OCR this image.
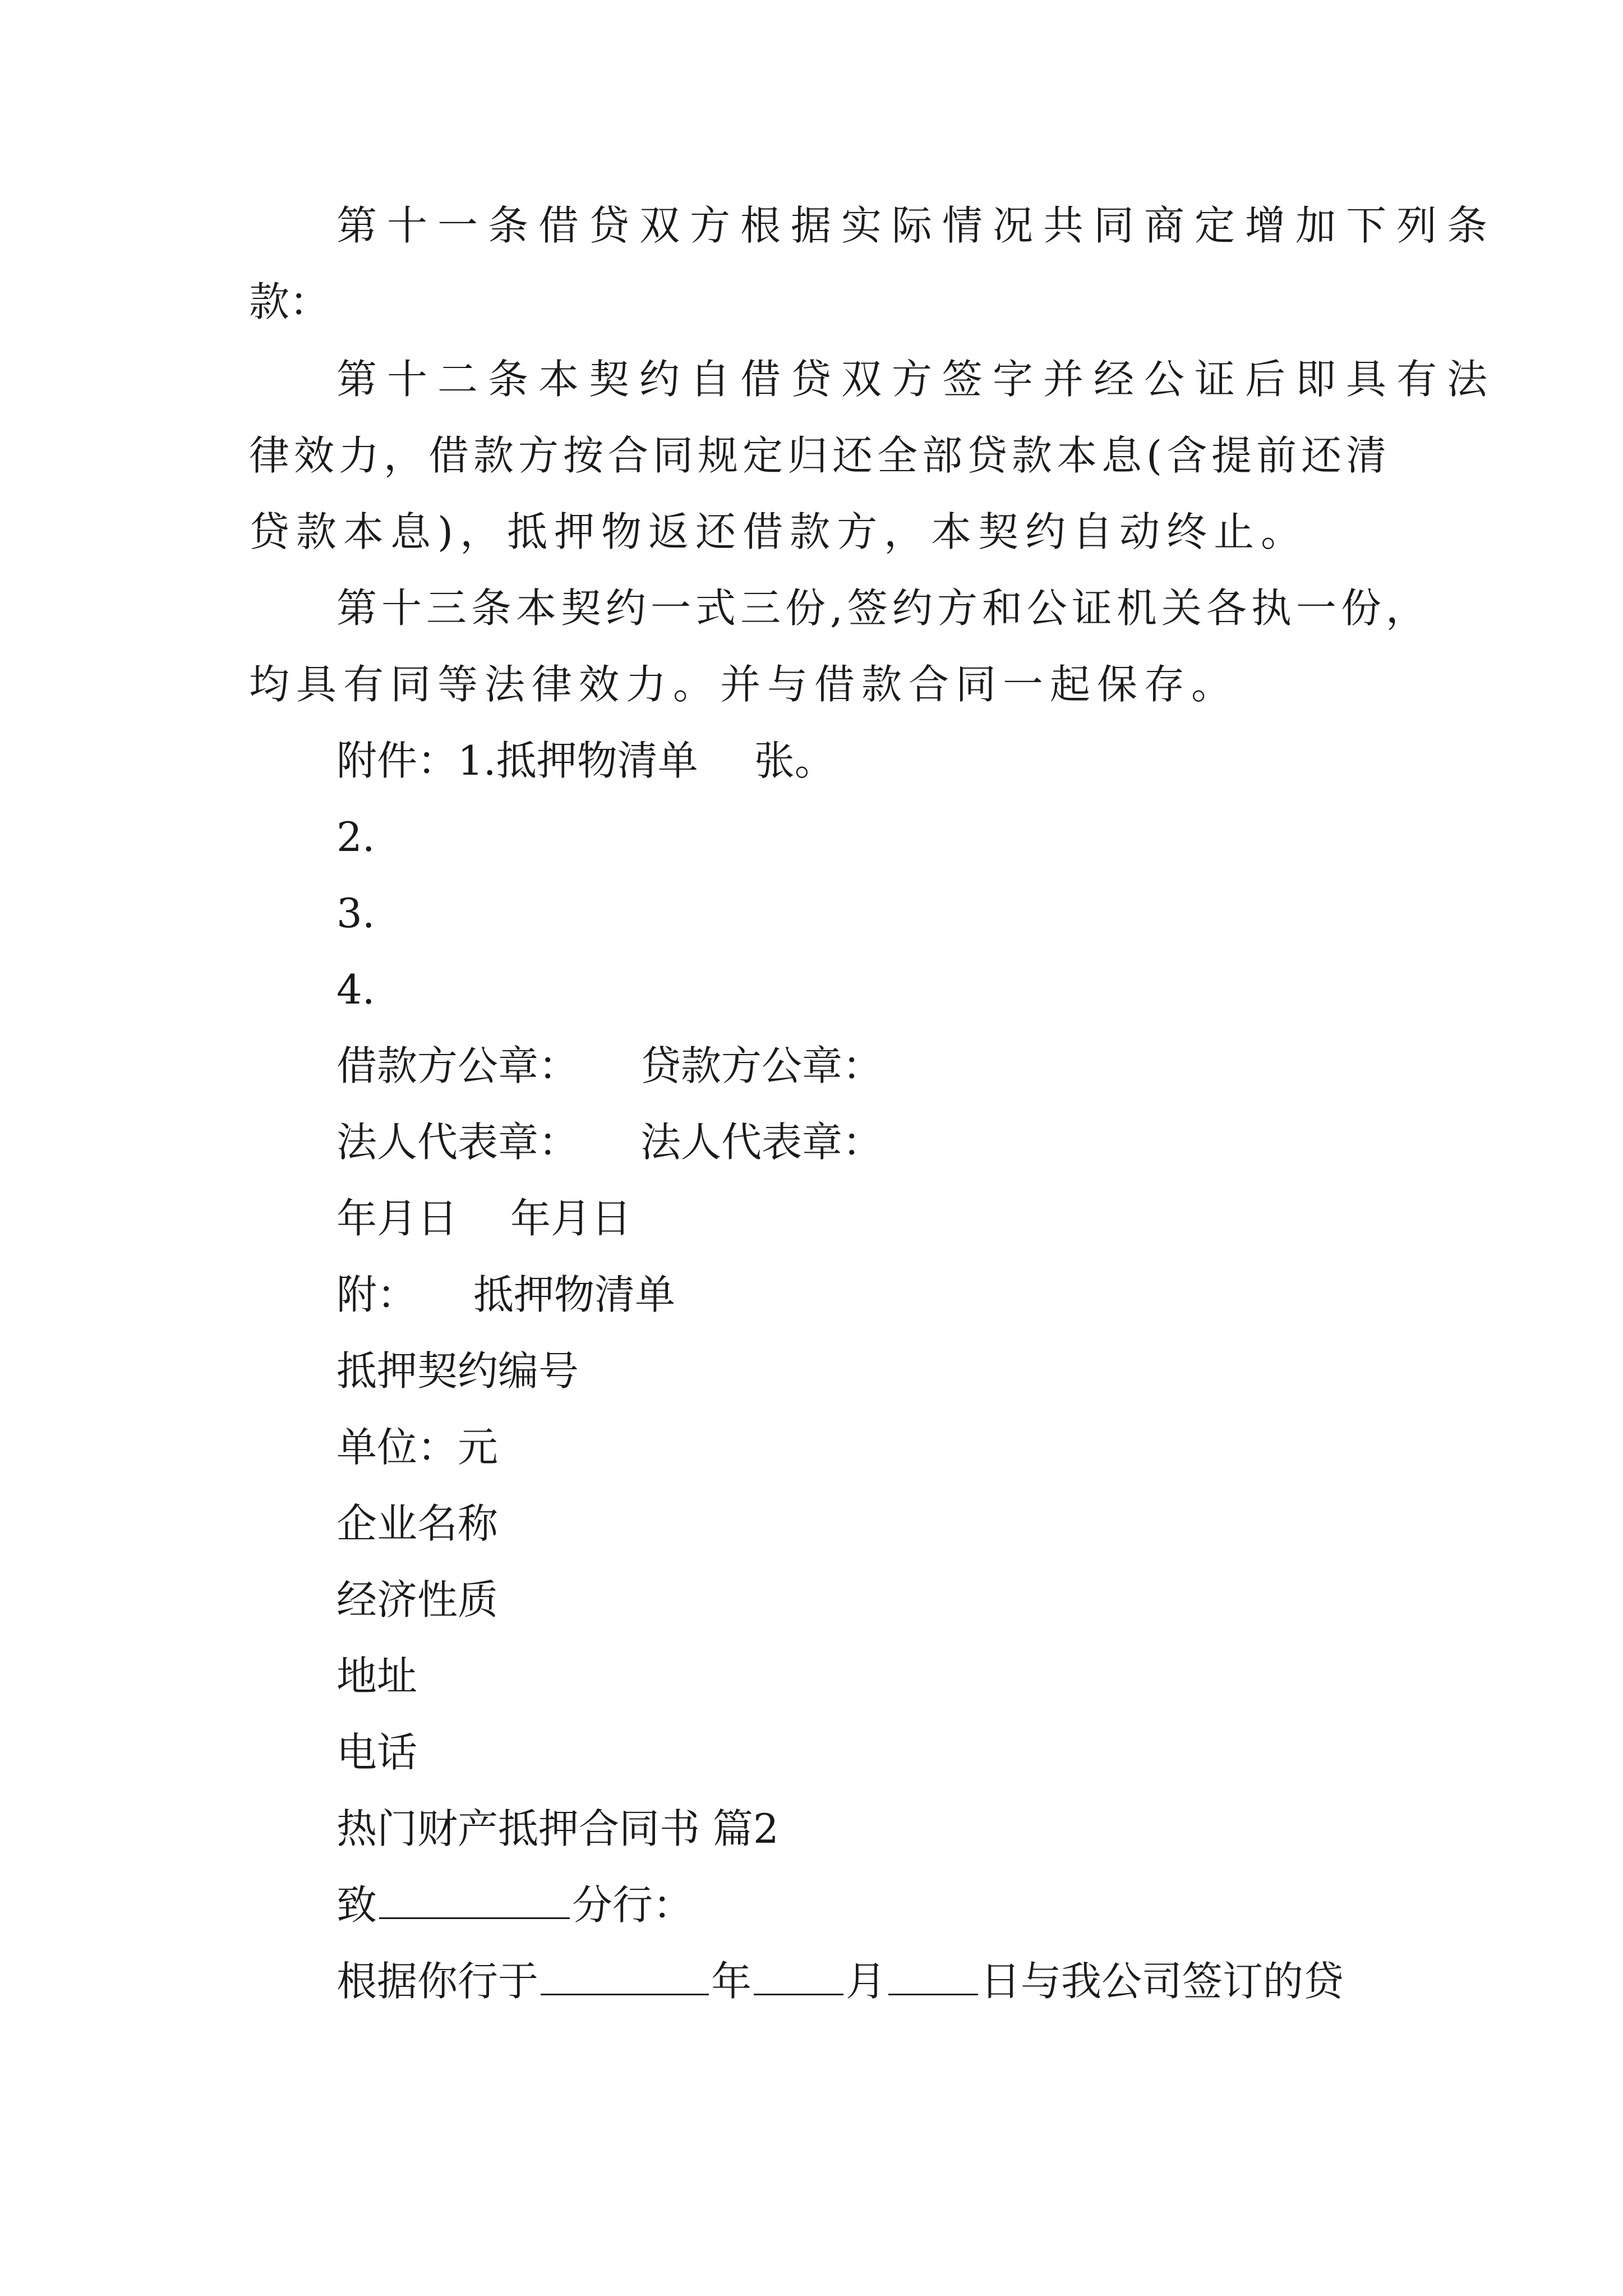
第十一条借贷双方根据实际情况共同商定增加下列条
款：
第十二条本契约自借贷双方签字并经公证后即具有法
律效力，借款方按合同规定归还全部贷款本息(含提前还清
贷款本息)，抵押物返还借款方，本契约自动终止。
第十三条本契约一式三份,签约方和公证机关各执一份，
均具有同等法律效力。并与借款合同一起保存。
附件：1.抵押物清单 张。
2.
3.
4.
借款方公章： 贷款方公章：
法人代表章： 法人代表章：
年月日 年月日
附： 抵押物清单
抵押契约编号
单位：元
企业名称
经济性质
地址
电话
热门财产抵押合同书 篇2
致	分行：
根据你行于	年 月 日与我公司签订的贷
